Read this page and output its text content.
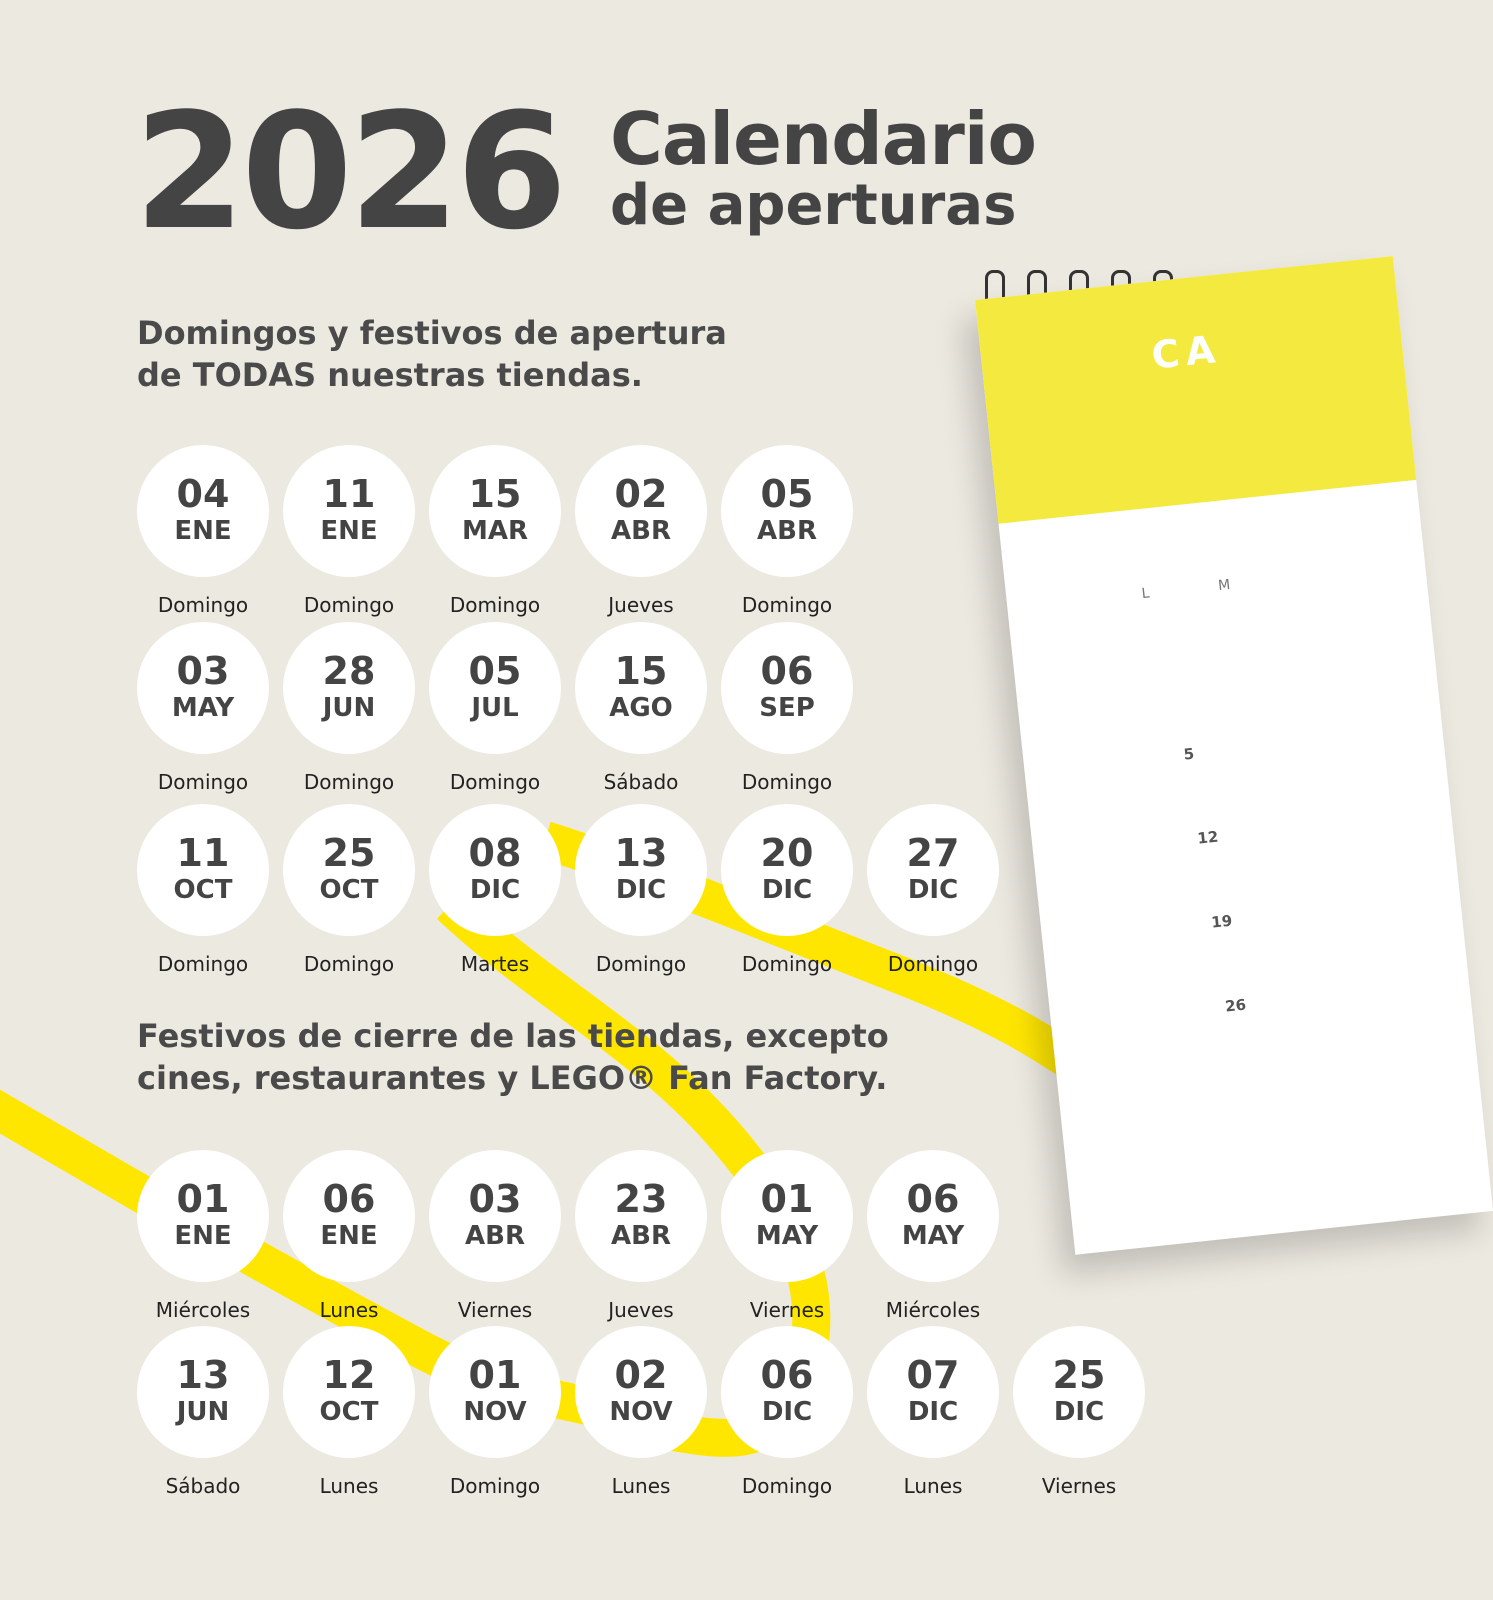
CA
L	M
5
12
19
26
2026 Calendario
de aperturas
Domingos y festivos de apertura
de TODAS nuestras tiendas.
04
ENE
Domingo
11
ENE
Domingo
15
MAR
Domingo
02
ABR
Jueves
05
ABR
Domingo
03
MAY
Domingo
28
JUN
Domingo
05
JUL
Domingo
15
AGO
Sábado
06
SEP
Domingo
11
OCT
Domingo
25
OCT
Domingo
08
DIC
Martes
13
DIC
Domingo
20
DIC
Domingo
27
DIC
Domingo
Festivos de cierre de las tiendas, excepto
cines, restaurantes y LEGO® Fan Factory.
01
ENE
Miércoles
06
ENE
Lunes
03
ABR
Viernes
23
ABR
Jueves
01
MAY
Viernes
06
MAY
Miércoles
13
JUN
Sábado
12
OCT
Lunes
01
NOV
Domingo
02
NOV
Lunes
06
DIC
Domingo
07
DIC
Lunes
25
DIC
Viernes
